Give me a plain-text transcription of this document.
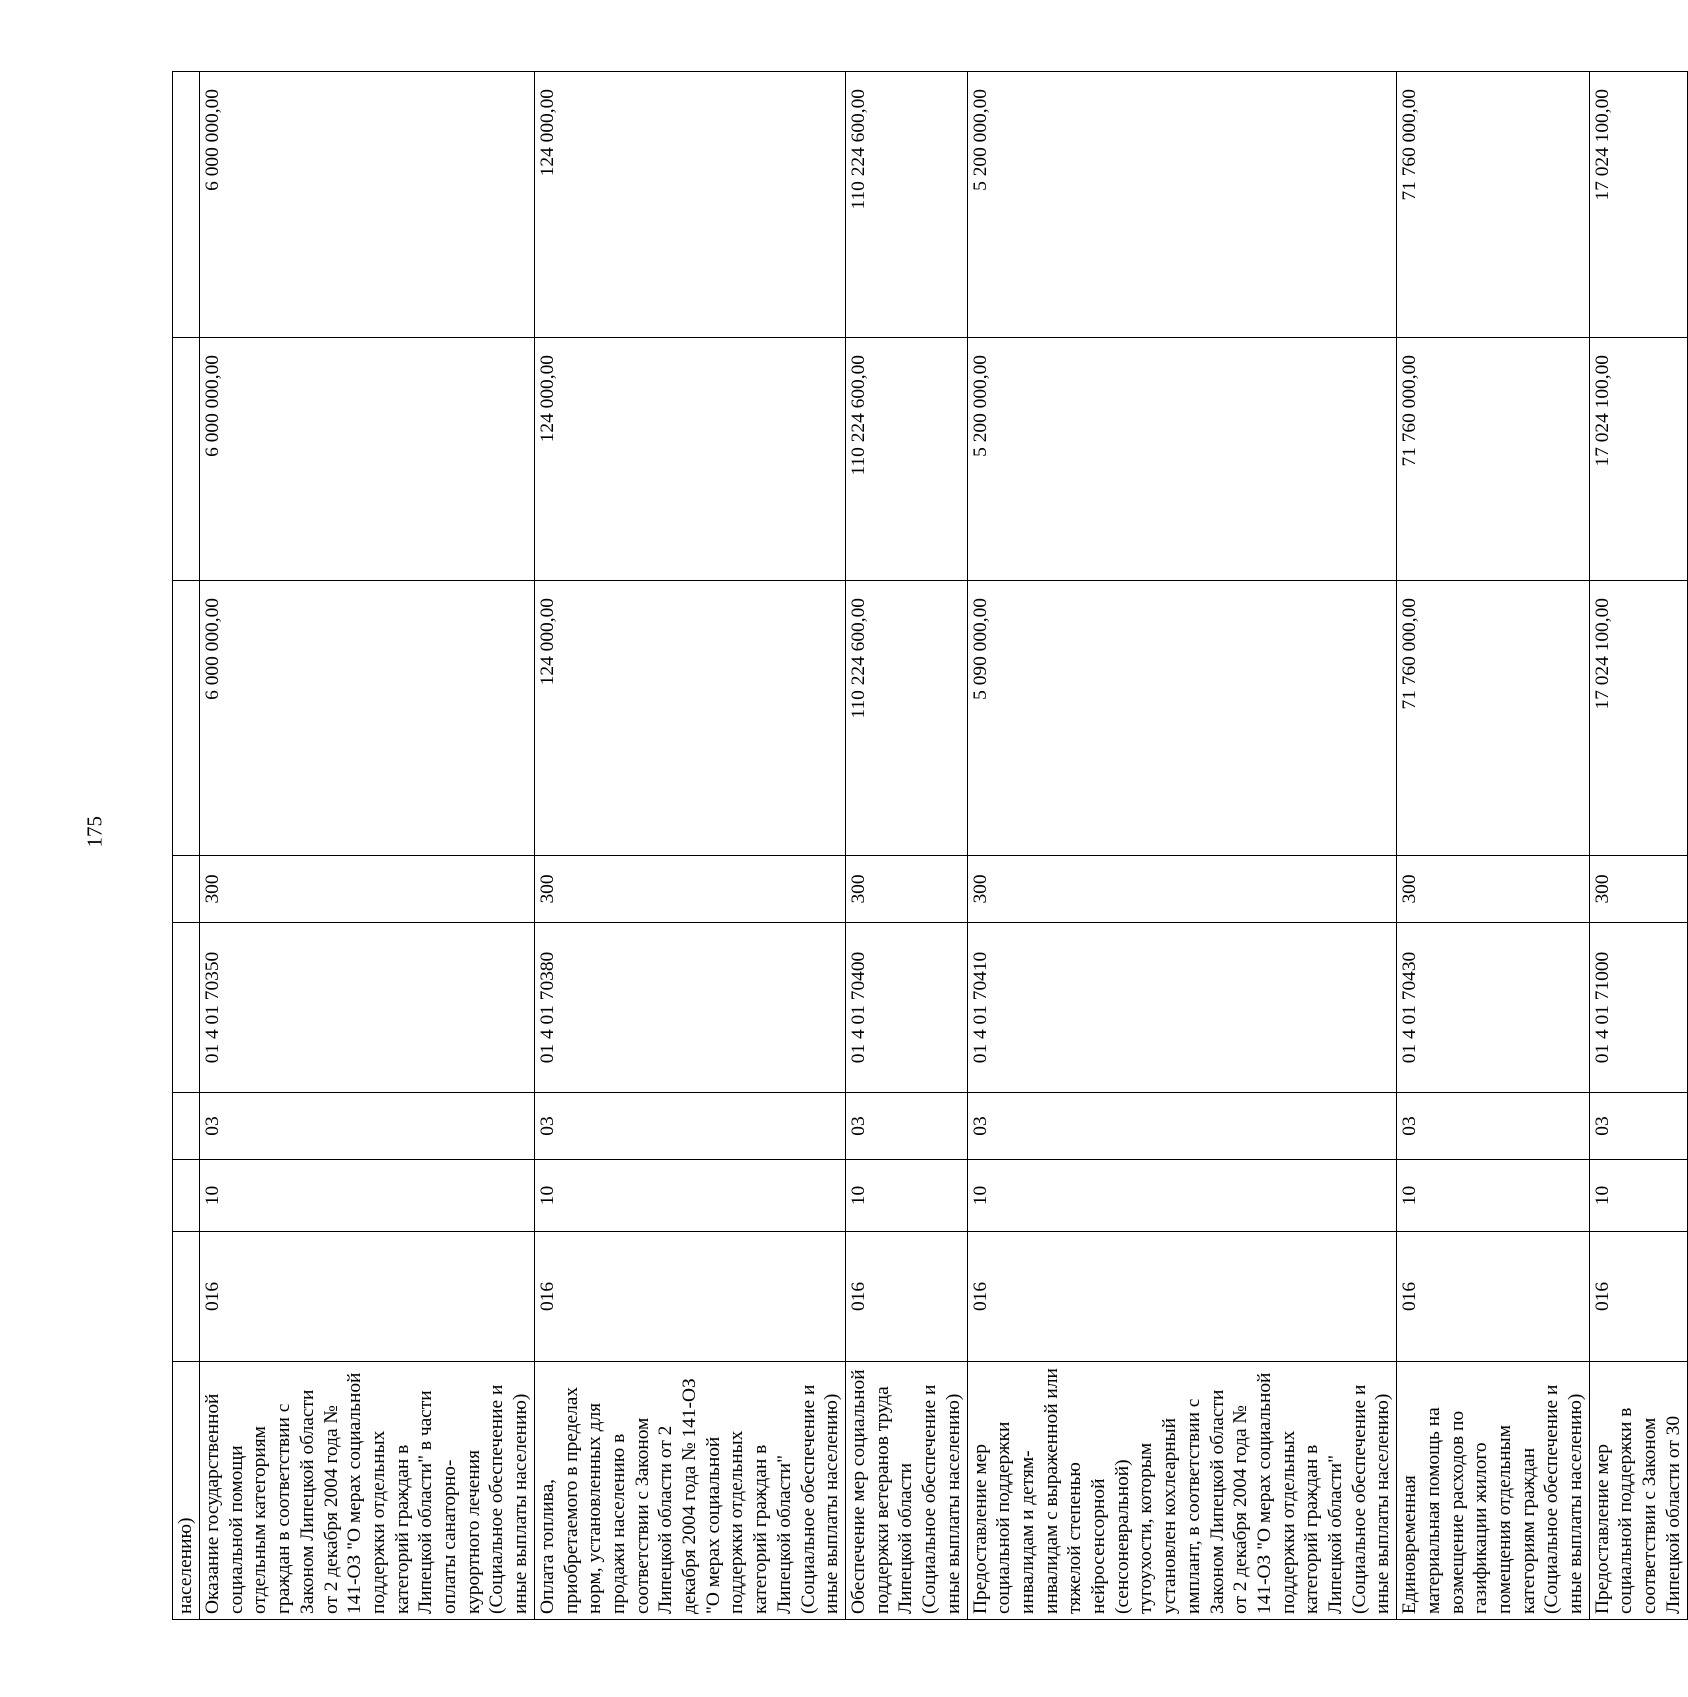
175
населению)								
Оказание государственной социальной помощи отдельным категориям граждан в соответствии с Законом Липецкой области от 2 декабря 2004 года № 141-ОЗ "О мерах социальной поддержки отдельных категорий граждан в Липецкой области" в части оплаты санаторно-курортного лечения (Социальное обеспечение и иные выплаты населению)	016	10	03	01 4 01 70350	300	6 000 000,00	6 000 000,00	6 000 000,00
Оплата топлива, приобретаемого в пределах норм, установленных для продажи населению в соответствии с Законом Липецкой области от 2 декабря 2004 года № 141-ОЗ "О мерах социальной поддержки отдельных категорий граждан в Липецкой области" (Социальное обеспечение и иные выплаты населению)	016	10	03	01 4 01 70380	300	124 000,00	124 000,00	124 000,00
Обеспечение мер социальной поддержки ветеранов труда Липецкой области (Социальное обеспечение и иные выплаты населению)	016	10	03	01 4 01 70400	300	110 224 600,00	110 224 600,00	110 224 600,00
Предоставление мер социальной поддержки инвалидам и детям-инвалидам с выраженной или тяжелой степенью нейросенсорной (сенсоневральной) тугоухости, которым установлен кохлеарный имплант, в соответствии с Законом Липецкой области от 2 декабря 2004 года № 141-ОЗ "О мерах социальной поддержки отдельных категорий граждан в Липецкой области" (Социальное обеспечение и иные выплаты населению)	016	10	03	01 4 01 70410	300	5 090 000,00	5 200 000,00	5 200 000,00
Единовременная материальная помощь на возмещение расходов по газификации жилого помещения отдельным категориям граждан (Социальное обеспечение и иные выплаты населению)	016	10	03	01 4 01 70430	300	71 760 000,00	71 760 000,00	71 760 000,00
Предоставление мер социальной поддержки в соответствии с Законом Липецкой области от 30	016	10	03	01 4 01 71000	300	17 024 100,00	17 024 100,00	17 024 100,00
